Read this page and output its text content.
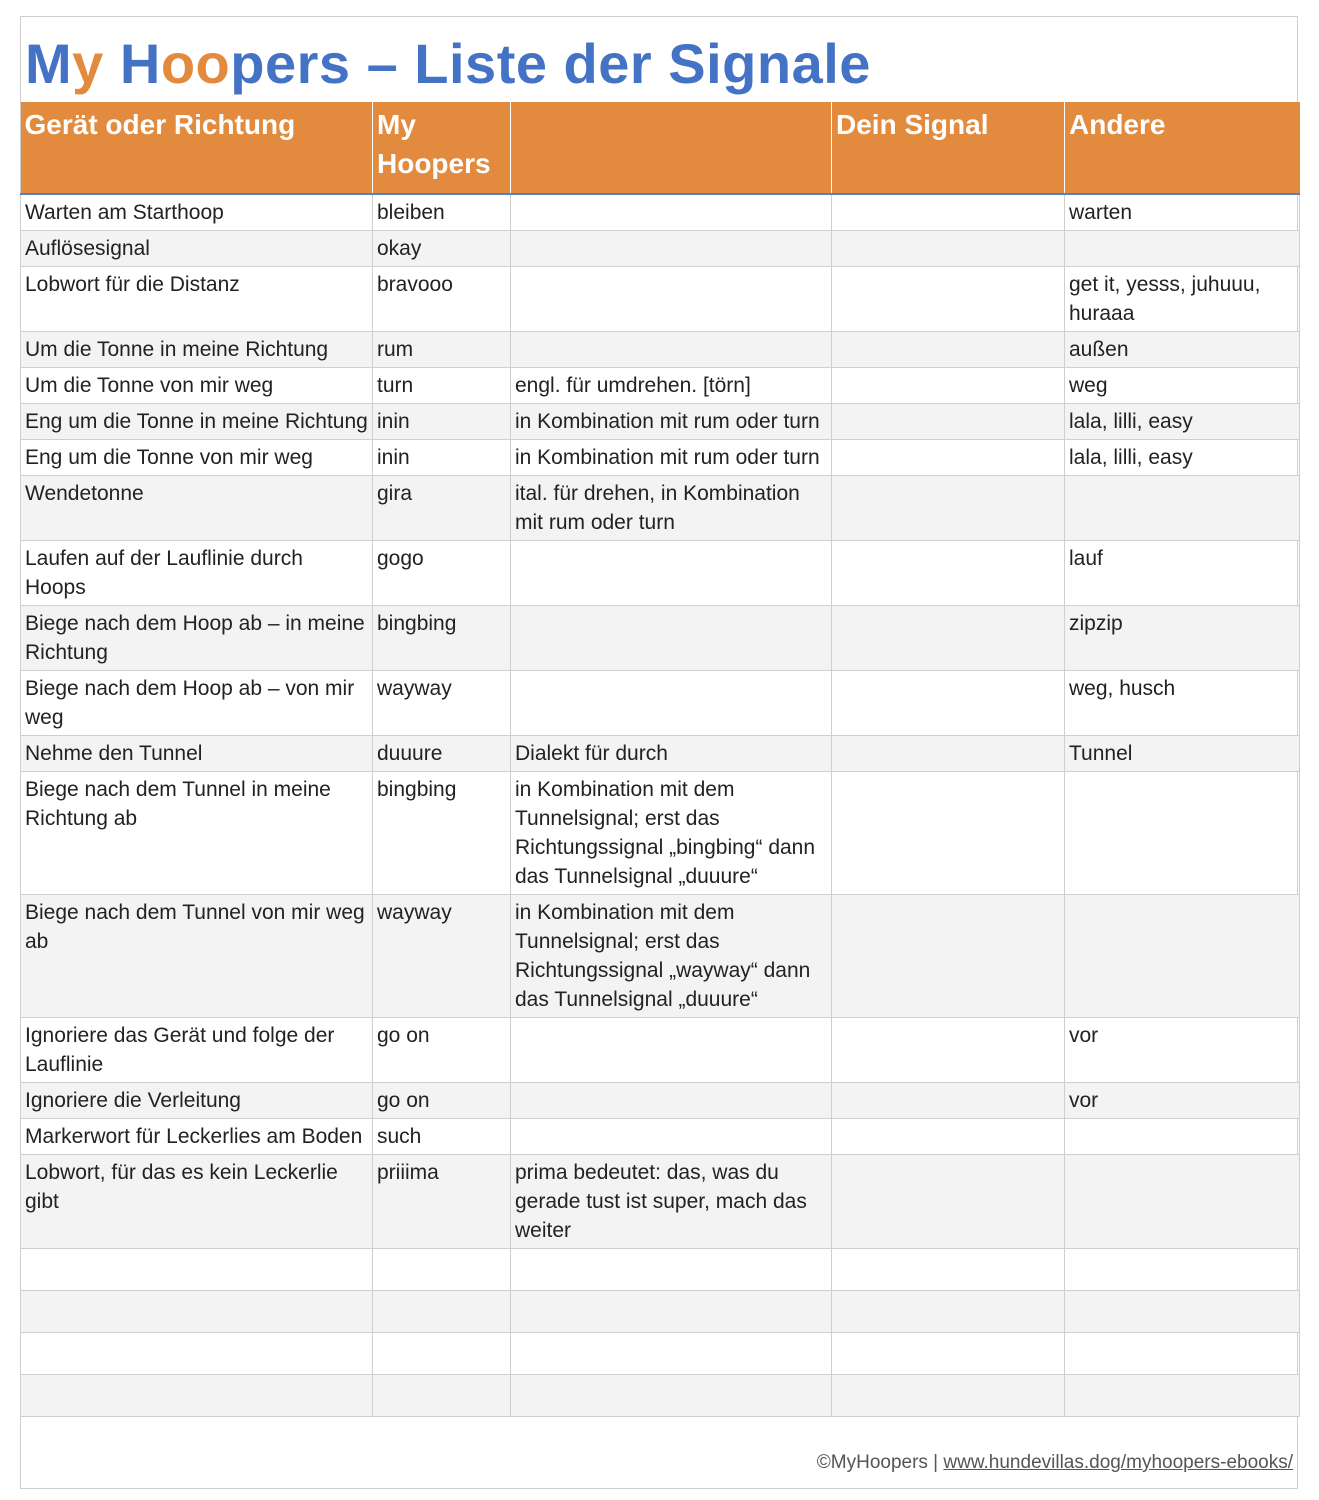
My Hoopers – Liste der Signale
Gerät oder Richtung	My Hoopers		Dein Signal	Andere
Warten am Starthoop	bleiben			warten
Auflösesignal	okay			
Lobwort für die Distanz	bravooo			get it, yesss, juhuuu, huraaa
Um die Tonne in meine Richtung	rum			außen
Um die Tonne von mir weg	turn	engl. für umdrehen. [törn]		weg
Eng um die Tonne in meine Richtung	inin	in Kombination mit rum oder turn		lala, lilli, easy
Eng um die Tonne von mir weg	inin	in Kombination mit rum oder turn		lala, lilli, easy
Wendetonne	gira	ital. für drehen, in Kombination mit rum oder turn		
Laufen auf der Lauflinie durch Hoops	gogo			lauf
Biege nach dem Hoop ab – in meine Richtung	bingbing			zipzip
Biege nach dem Hoop ab – von mir weg	wayway			weg, husch
Nehme den Tunnel	duuure	Dialekt für durch		Tunnel
Biege nach dem Tunnel in meine Richtung ab	bingbing	in Kombination mit dem Tunnelsignal; erst das Richtungssignal „bingbing“ dann das Tunnelsignal „duuure“		
Biege nach dem Tunnel von mir weg ab	wayway	in Kombination mit dem Tunnelsignal; erst das Richtungssignal „wayway“ dann das Tunnelsignal „duuure“		
Ignoriere das Gerät und folge der Lauflinie	go on			vor
Ignoriere die Verleitung	go on			vor
Markerwort für Leckerlies am Boden	such			
Lobwort, für das es kein Leckerlie gibt	priiima	prima bedeutet: das, was du gerade tust ist super, mach das weiter		

©MyHoopers | www.hundevillas.dog/myhoopers-ebooks/
